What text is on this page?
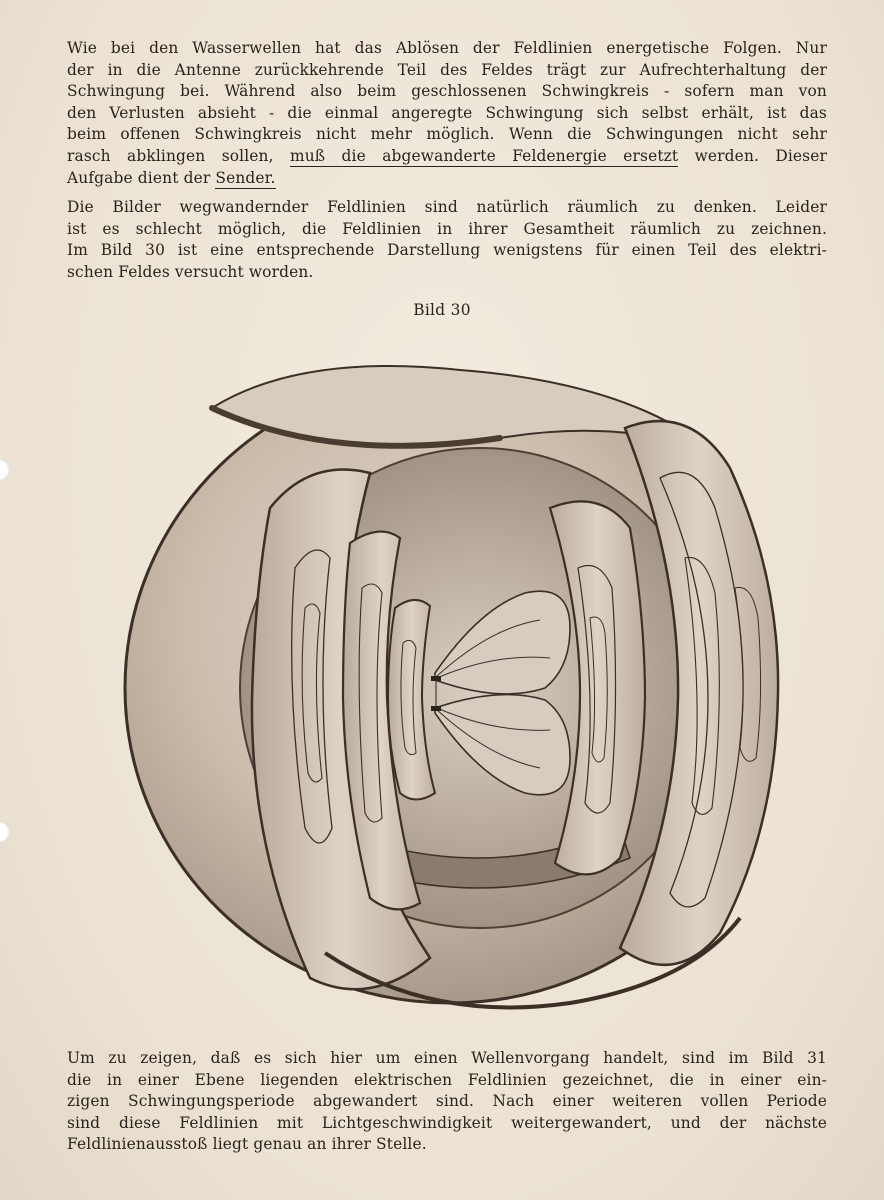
Wie bei den Wasserwellen hat das Ablösen der Feldlinien energetische Folgen. Nur
der in die Antenne zurückkehrende Teil des Feldes trägt zur Aufrechterhaltung der
Schwingung bei. Während also beim geschlossenen Schwingkreis - sofern man von
den Verlusten absieht - die einmal angeregte Schwingung sich selbst erhält, ist das
beim offenen Schwingkreis nicht mehr möglich. Wenn die Schwingungen nicht sehr
rasch abklingen sollen, muß die abgewanderte Feldenergie ersetzt werden. Dieser
Aufgabe dient der Sender.

Die Bilder wegwandernder Feldlinien sind natürlich räumlich zu denken. Leider
ist es schlecht möglich, die Feldlinien in ihrer Gesamtheit räumlich zu zeichnen.
Im Bild 30 ist eine entsprechende Darstellung wenigstens für einen Teil des elektri-
schen Feldes versucht worden.

Bild 30

Um zu zeigen, daß es sich hier um einen Wellenvorgang handelt, sind im Bild 31
die in einer Ebene liegenden elektrischen Feldlinien gezeichnet, die in einer ein-
zigen Schwingungsperiode abgewandert sind. Nach einer weiteren vollen Periode
sind diese Feldlinien mit Lichtgeschwindigkeit weitergewandert, und der nächste
Feldlinienausstoß liegt genau an ihrer Stelle.
